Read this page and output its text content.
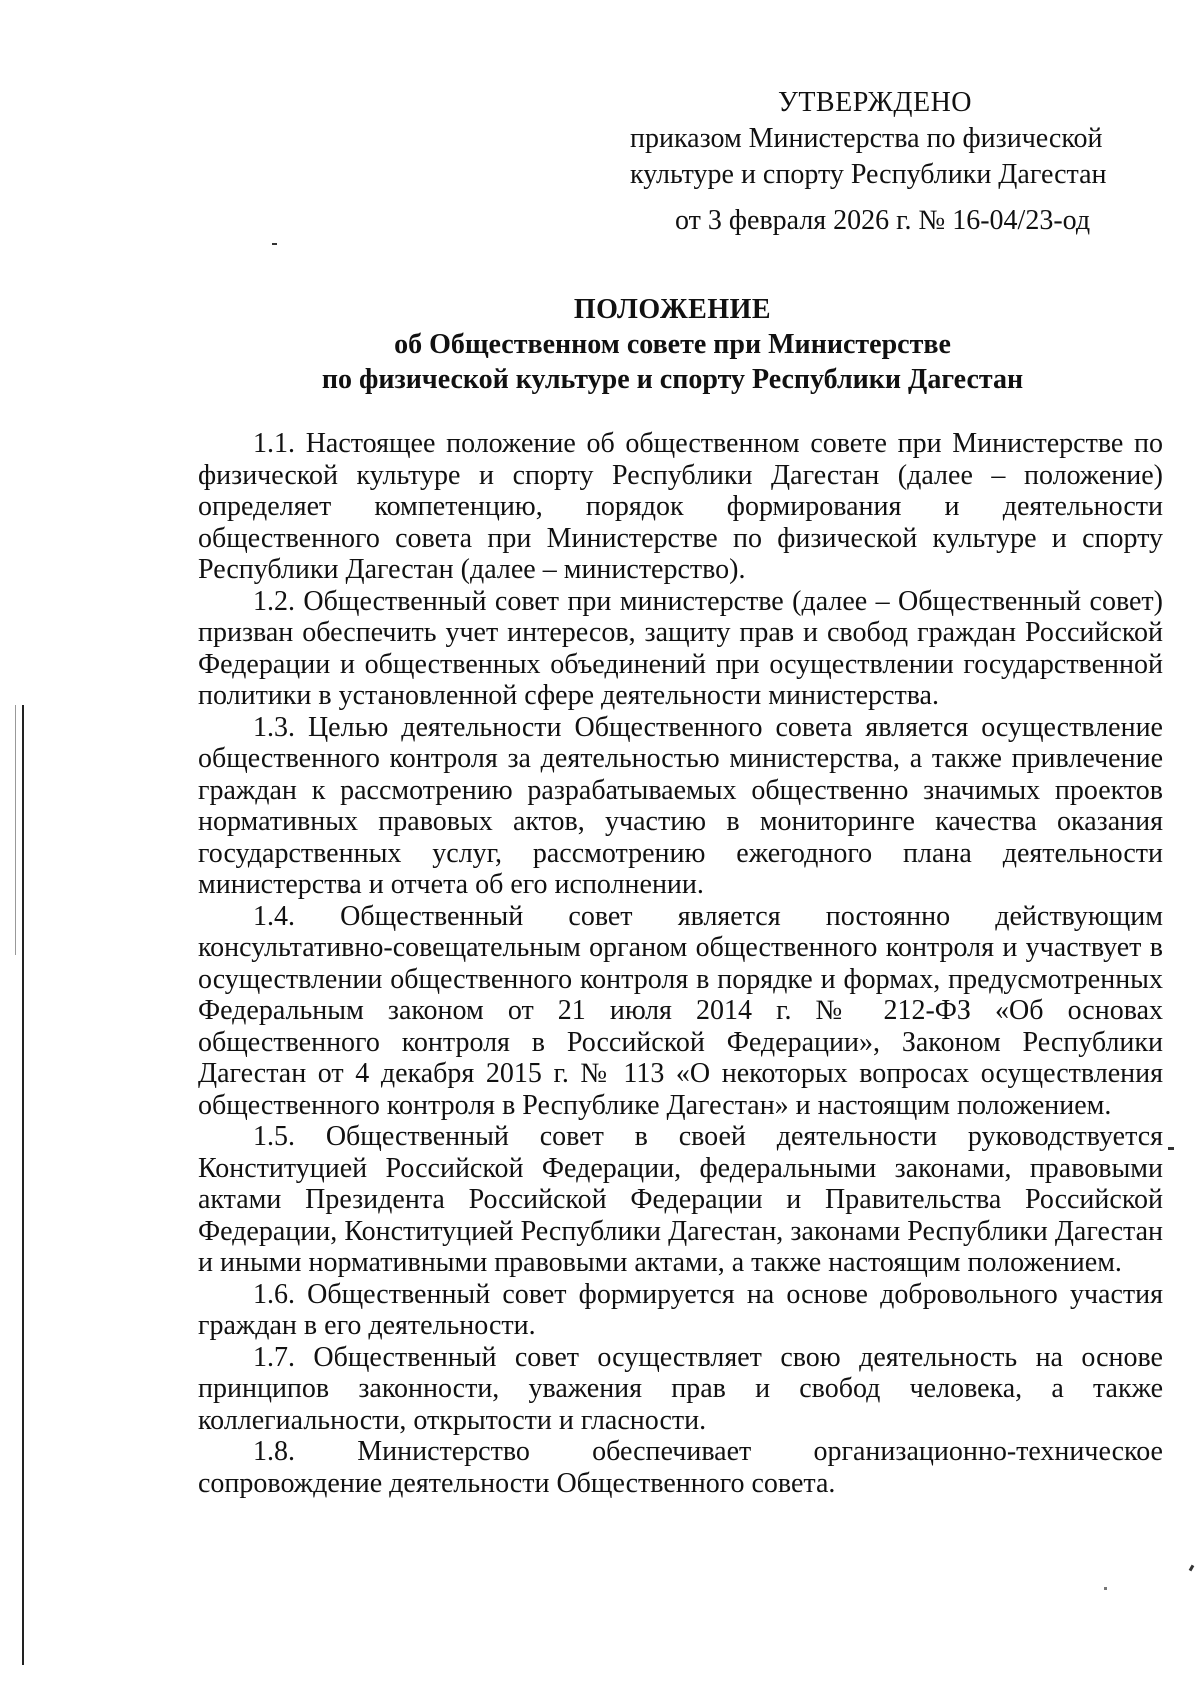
УТВЕРЖДЕНО
приказом Министерства по физической
культуре и спорту Республики Дагестан
от 3 февраля 2026 г. № 16-04/23-од
ПОЛОЖЕНИЕ
об Общественном совете при Министерстве
по физической культуре и спорту Республики Дагестан

1.1. Настоящее положение об общественном совете при Министерстве по физической культуре и спорту Республики Дагестан (далее – положение) определяет компетенцию, порядок формирования и деятельности общественного совета при Министерстве по физической культуре и спорту Республики Дагестан (далее – министерство).

1.2. Общественный совет при министерстве (далее – Общественный совет) призван обеспечить учет интересов, защиту прав и свобод граждан Российской Федерации и общественных объединений при осуществлении государственной политики в установленной сфере деятельности министерства.

1.3. Целью деятельности Общественного совета является осуществление общественного контроля за деятельностью министерства, а также привлечение граждан к рассмотрению разрабатываемых общественно значимых проектов нормативных правовых актов, участию в мониторинге качества оказания государственных услуг, рассмотрению ежегодного плана деятельности министерства и отчета об его исполнении.

1.4. Общественный совет является постоянно действующим консультативно-совещательным органом общественного контроля и участвует в осуществлении общественного контроля в порядке и формах, предусмотренных Федеральным законом от 21 июля 2014 г. № 212-ФЗ «Об основах общественного контроля в Российской Федерации», Законом Республики Дагестан от 4 декабря 2015 г. № 113 «О некоторых вопросах осуществления общественного контроля в Республике Дагестан» и настоящим положением.

1.5. Общественный совет в своей деятельности руководствуется Конституцией Российской Федерации, федеральными законами, правовыми актами Президента Российской Федерации и Правительства Российской Федерации, Конституцией Республики Дагестан, законами Республики Дагестан и иными нормативными правовыми актами, а также настоящим положением.

1.6. Общественный совет формируется на основе добровольного участия граждан в его деятельности.

1.7. Общественный совет осуществляет свою деятельность на основе принципов законности, уважения прав и свобод человека, а также коллегиальности, открытости и гласности.

1.8. Министерство обеспечивает организационно-техническое сопровождение деятельности Общественного совета.
